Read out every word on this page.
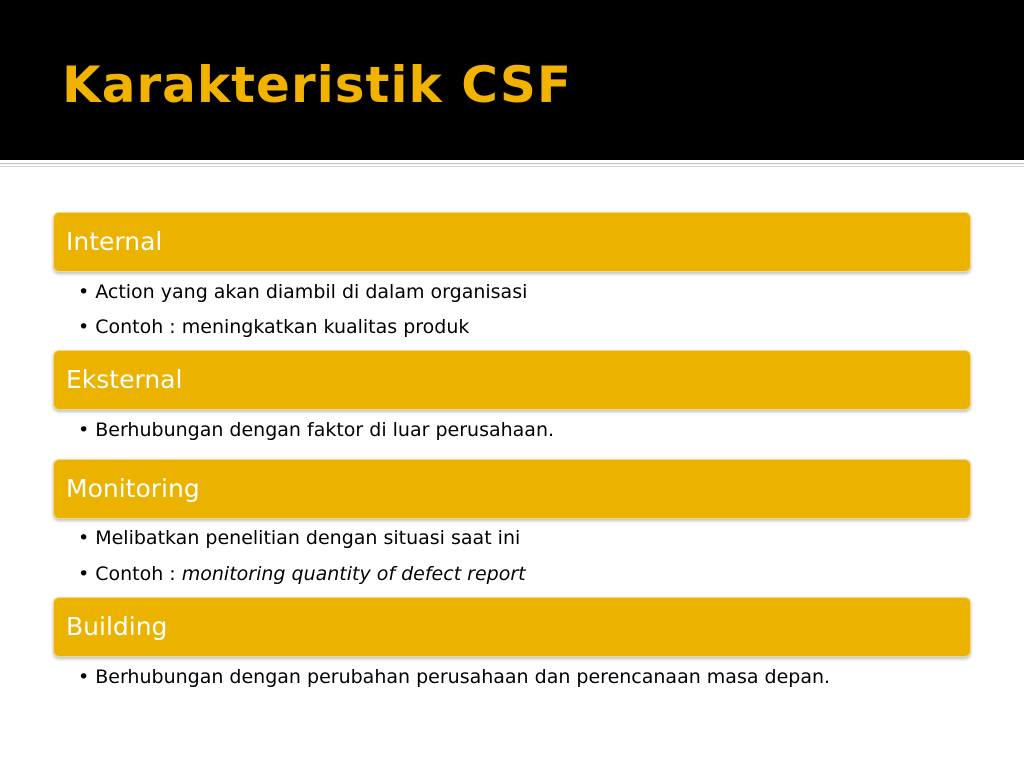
Karakteristik CSF
Internal
• Action yang akan diambil di dalam organisasi
• Contoh : meningkatkan kualitas produk
Eksternal
• Berhubungan dengan faktor di luar perusahaan.
Monitoring
• Melibatkan penelitian dengan situasi saat ini
• Contoh : monitoring quantity of defect report
Building
• Berhubungan dengan perubahan perusahaan dan perencanaan masa depan.
